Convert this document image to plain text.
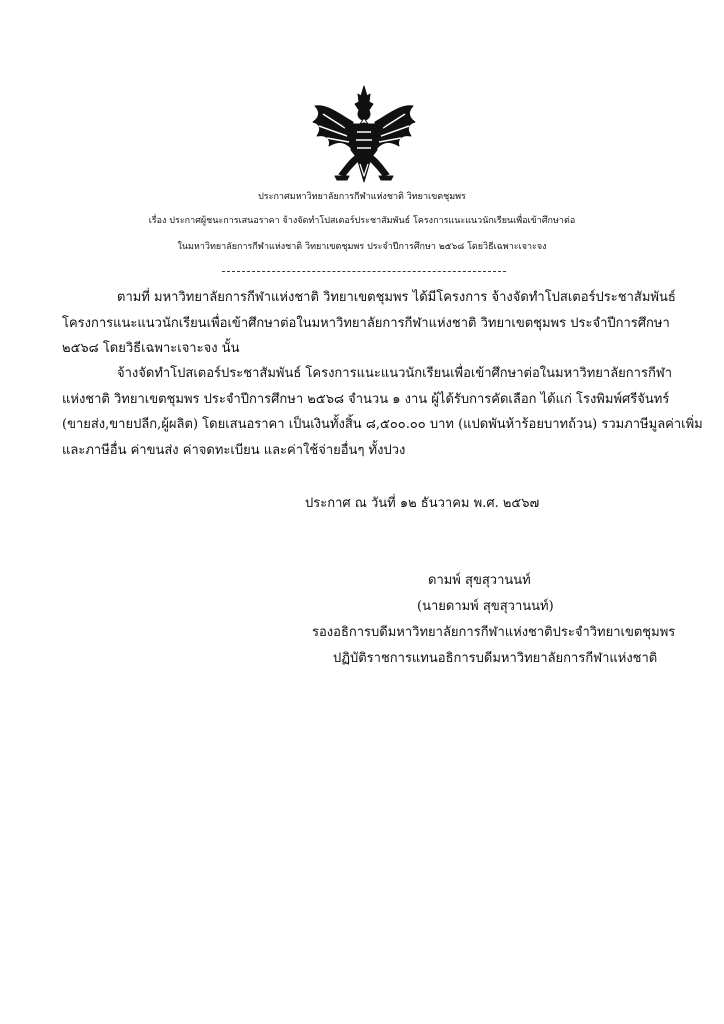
ประกาศมหาวิทยาลัยการกีฬาแห่งชาติ วิทยาเขตชุมพร
เรื่อง ประกาศผู้ชนะการเสนอราคา จ้างจัดทำโปสเตอร์ประชาสัมพันธ์ โครงการแนะแนวนักเรียนเพื่อเข้าศึกษาต่อ
ในมหาวิทยาลัยการกีฬาแห่งชาติ วิทยาเขตชุมพร ประจำปีการศึกษา ๒๕๖๘ โดยวิธีเฉพาะเจาะจง
ตามที่ มหาวิทยาลัยการกีฬาแห่งชาติ วิทยาเขตชุมพร ได้มีโครงการ จ้างจัดทำโปสเตอร์ประชาสัมพันธ์
โครงการแนะแนวนักเรียนเพื่อเข้าศึกษาต่อในมหาวิทยาลัยการกีฬาแห่งชาติ วิทยาเขตชุมพร ประจำปีการศึกษา
๒๕๖๘ โดยวิธีเฉพาะเจาะจง นั้น
จ้างจัดทำโปสเตอร์ประชาสัมพันธ์ โครงการแนะแนวนักเรียนเพื่อเข้าศึกษาต่อในมหาวิทยาลัยการกีฬา
แห่งชาติ วิทยาเขตชุมพร ประจำปีการศึกษา ๒๕๖๘ จำนวน ๑ งาน ผู้ได้รับการคัดเลือก ได้แก่ โรงพิมพ์ศรีจันทร์
(ขายส่ง,ขายปลีก,ผู้ผลิต) โดยเสนอราคา เป็นเงินทั้งสิ้น ๘,๕๐๐.๐๐ บาท (แปดพันห้าร้อยบาทถ้วน) รวมภาษีมูลค่าเพิ่ม
และภาษีอื่น ค่าขนส่ง ค่าจดทะเบียน และค่าใช้จ่ายอื่นๆ ทั้งปวง
ประกาศ ณ วันที่ ๑๒ ธันวาคม พ.ศ. ๒๕๖๗
ดามพ์ สุขสุวานนท์
(นายดามพ์ สุขสุวานนท์)
รองอธิการบดีมหาวิทยาลัยการกีฬาแห่งชาติประจำวิทยาเขตชุมพร
ปฏิบัติราชการแทนอธิการบดีมหาวิทยาลัยการกีฬาแห่งชาติ
